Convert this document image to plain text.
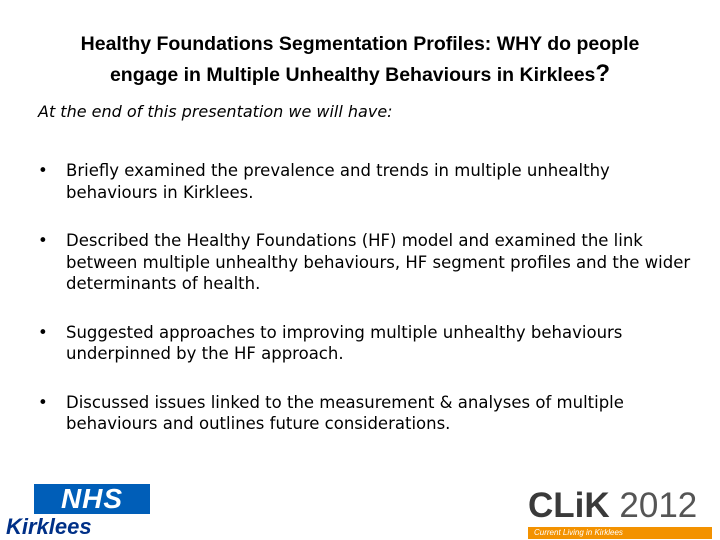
Healthy Foundations Segmentation Profiles: WHY do people
engage in Multiple Unhealthy Behaviours in Kirklees?
At the end of this presentation we will have:
• Briefly examined the prevalence and trends in multiple unhealthy behaviours in Kirklees.
• Described the Healthy Foundations (HF) model and examined the link between multiple unhealthy behaviours, HF segment profiles and the wider determinants of health.
• Suggested approaches to improving multiple unhealthy behaviours underpinned by the HF approach.
• Discussed issues linked to the measurement & analyses of multiple behaviours and outlines future considerations.
NHS
Kirklees
CLiK 2012
Current Living in Kirklees
